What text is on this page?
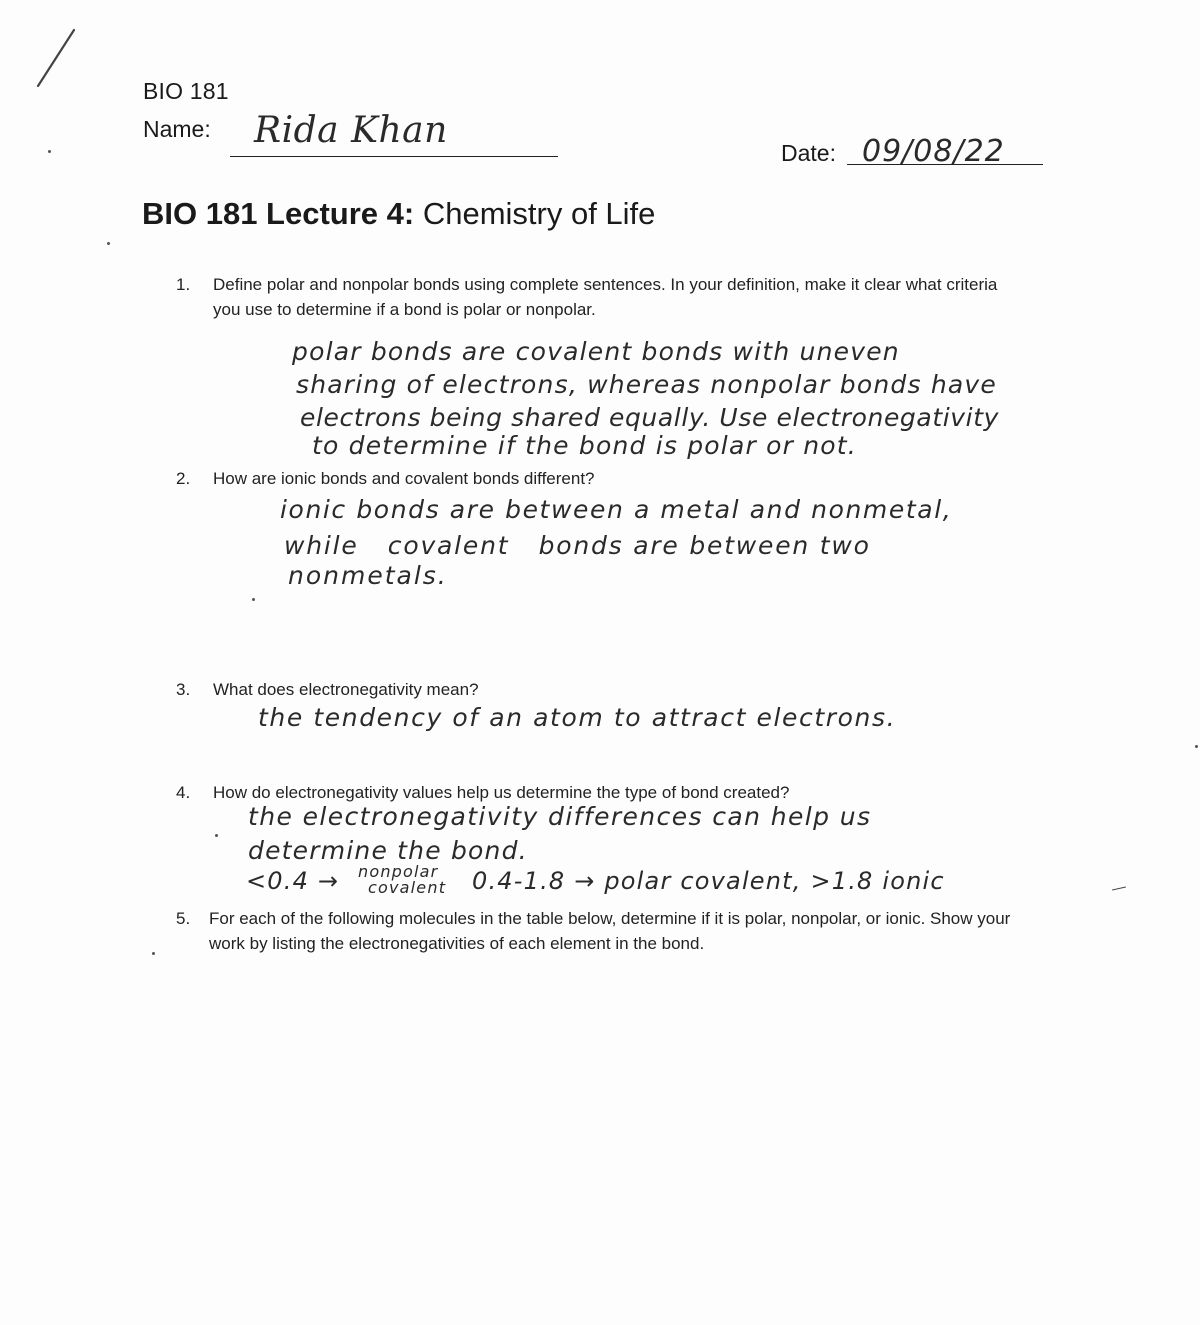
BIO 181
Name: Rida Khan
Date: 09/08/22
BIO 181 Lecture 4: Chemistry of Life
1. Define polar and nonpolar bonds using complete sentences. In your definition, make it clear what criteria you use to determine if a bond is polar or nonpolar.
polar bonds are covalent bonds with uneven
sharing of electrons, whereas nonpolar bonds have
electrons being shared equally. Use electronegativity
to determine if the bond is polar or not.
2. How are ionic bonds and covalent bonds different?
ionic bonds are between a metal and nonmetal,
while   covalent   bonds are between two
nonmetals.
3. What does electronegativity mean?
the tendency of an atom to attract electrons.
4. How do electronegativity values help us determine the type of bond created?
the electronegativity differences can help us
determine the bond.
<0.4 → nonpolar
covalent 0.4-1.8 → polar covalent, >1.8 ionic
5. For each of the following molecules in the table below, determine if it is polar, nonpolar, or ionic. Show your work by listing the electronegativities of each element in the bond.
